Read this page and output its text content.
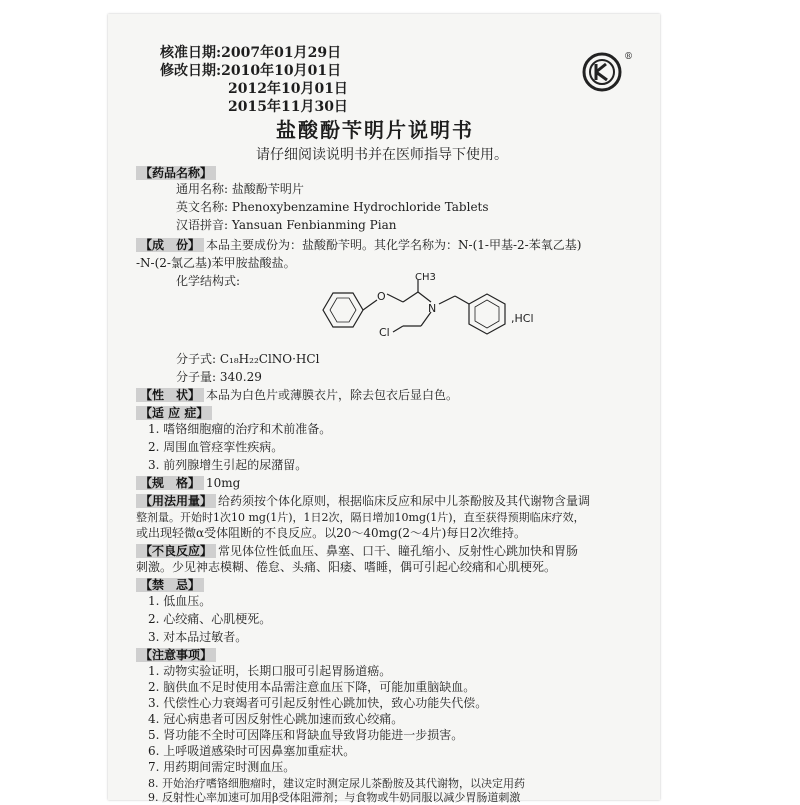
核准日期:2007年01月29日
修改日期:2010年10月01日
2012年10月01日
2015年11月30日
®
盐酸酚苄明片说明书
请仔细阅读说明书并在医师指导下使用。
【药品名称】
通用名称: 盐酸酚苄明片
英文名称: Phenoxybenzamine Hydrochloride Tablets
汉语拼音: Yansuan Fenbianming Pian
【成　份】 本品主要成份为：盐酸酚苄明。其化学名称为：N-(1-甲基-2-苯氧乙基)
-N-(2-氯乙基)苯甲胺盐酸盐。
化学结构式:
O
CH3
N
Cl
,HCl
分子式: C₁₈H₂₂ClNO·HCl
分子量: 340.29
【性　状】 本品为白色片或薄膜衣片，除去包衣后显白色。
【适 应 症】
1. 嗜铬细胞瘤的治疗和术前准备。
2. 周围血管痉挛性疾病。
3. 前列腺增生引起的尿潴留。
【规　格】 10mg
【用法用量】 给药须按个体化原则，根据临床反应和尿中儿茶酚胺及其代谢物含量调
整剂量。开始时1次10 mg(1片)，1日2次，隔日增加10mg(1片)，直至获得预期临床疗效，
或出现轻微α受体阻断的不良反应。以20～40mg(2～4片)每日2次维持。
【不良反应】 常见体位性低血压、鼻塞、口干、瞳孔缩小、反射性心跳加快和胃肠
刺激。少见神志模糊、倦怠、头痛、阳痿、嗜睡，偶可引起心绞痛和心肌梗死。
【禁　忌】
1. 低血压。
2. 心绞痛、心肌梗死。
3. 对本品过敏者。
【注意事项】
1. 动物实验证明，长期口服可引起胃肠道癌。
2. 脑供血不足时使用本品需注意血压下降，可能加重脑缺血。
3. 代偿性心力衰竭者可引起反射性心跳加快，致心功能失代偿。
4. 冠心病患者可因反射性心跳加速而致心绞痛。
5. 肾功能不全时可因降压和肾缺血导致肾功能进一步损害。
6. 上呼吸道感染时可因鼻塞加重症状。
7. 用药期间需定时测血压。
8. 开始治疗嗜铬细胞瘤时，建议定时测定尿儿茶酚胺及其代谢物，以决定用药
9. 反射性心率加速可加用β受体阻滞剂；与食物或牛奶同服以减少胃肠道刺激
